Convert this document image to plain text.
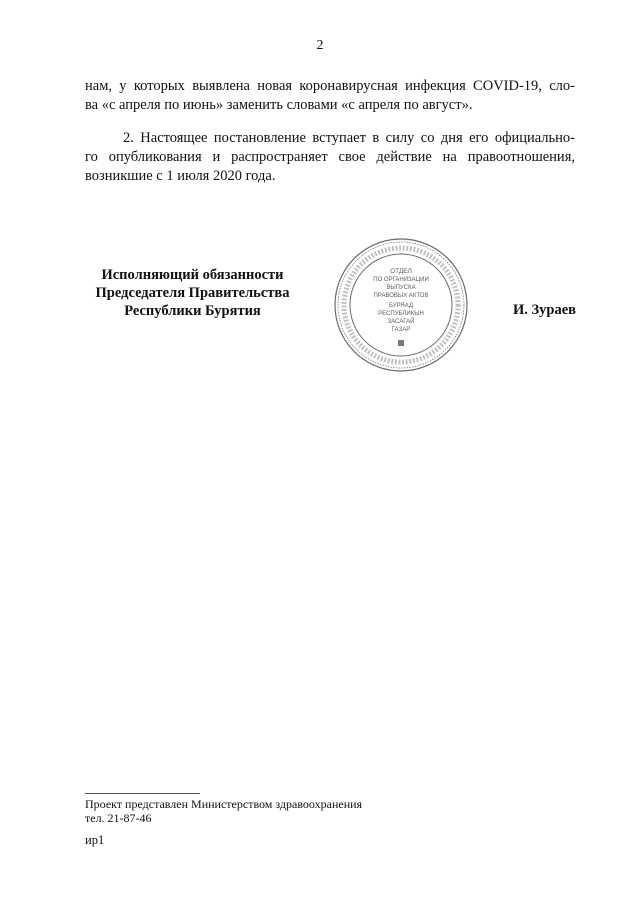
2
нам, у которых выявлена новая коронавирусная инфекция COVID-19, сло-
ва «с апреля по июнь» заменить словами «с апреля по август».
2. Настоящее постановление вступает в силу со дня его официально-
го опубликования и распространяет свое действие на правоотношения,
возникшие с 1 июля 2020 года.
Исполняющий обязанности
Председателя Правительства
Республики Бурятия
ОТДЕЛ
ПО ОРГАНИЗАЦИИ
ВЫПУСКА
ПРАВОВЫХ АКТОВ
БУРЯАД
РЕСПУБЛИКЫН
ЗАСАГАЙ
ГАЗАР
И. Зураев
Проект представлен Министерством здравоохранения
тел. 21-87-46
ир1
